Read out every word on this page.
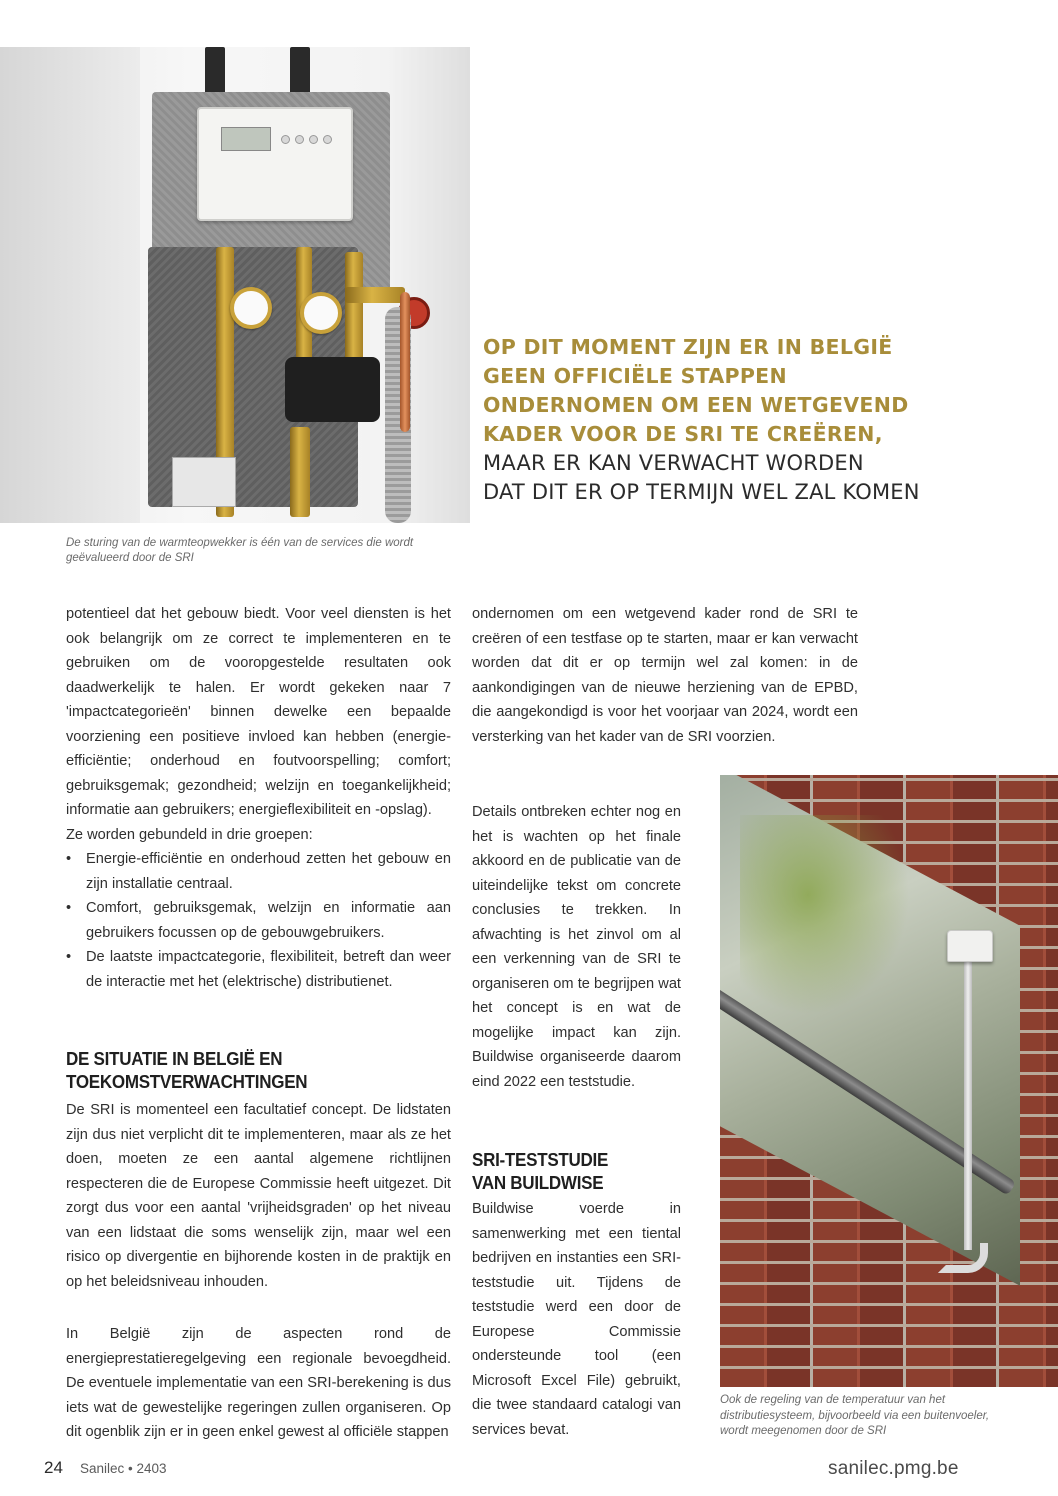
De sturing van de warmteopwekker is één van de services die wordt geëvalueerd door de SRI
OP DIT MOMENT ZIJN ER IN BELGIË
GEEN OFFICIËLE STAPPEN
ONDERNOMEN OM EEN WETGEVEND
KADER VOOR DE SRI TE CREËREN,
MAAR ER KAN VERWACHT WORDEN
DAT DIT ER OP TERMIJN WEL ZAL KOMEN

potentieel dat het gebouw biedt. Voor veel diensten is het ook belangrijk om ze correct te implementeren en te gebruiken om de vooropgestelde resultaten ook daadwerkelijk te halen. Er wordt gekeken naar 7 'impactcategorieën' binnen dewelke een bepaalde voorziening een positieve invloed kan hebben (energie-efficiëntie; onderhoud en foutvoorspelling; comfort; gebruiksgemak; gezondheid; welzijn en toegankelijkheid; informatie aan gebruikers; energieflexibiliteit en -opslag).

Ze worden gebundeld in drie groepen:

• Energie-efficiëntie en onderhoud zetten het gebouw en zijn installatie centraal.
• Comfort, gebruiksgemak, welzijn en informatie aan gebruikers focussen op de gebouwgebruikers.
• De laatste impactcategorie, flexibiliteit, betreft dan weer de interactie met het (elektrische) distributienet.
DE SITUATIE IN BELGIË EN
TOEKOMSTVERWACHTINGEN

De SRI is momenteel een facultatief concept. De lidstaten zijn dus niet verplicht dit te implementeren, maar als ze het doen, moeten ze een aantal algemene richtlijnen respecteren die de Europese Commissie heeft uitgezet. Dit zorgt dus voor een aantal 'vrijheidsgraden' op het niveau van een lidstaat die soms wenselijk zijn, maar wel een risico op divergentie en bijhorende kosten in de praktijk en op het beleidsniveau inhouden.

In België zijn de aspecten rond de energieprestatieregelgeving een regionale bevoegdheid. De eventuele implementatie van een SRI-berekening is dus iets wat de gewestelijke regeringen zullen organiseren. Op dit ogenblik zijn er in geen enkel gewest al officiële stappen

ondernomen om een wetgevend kader rond de SRI te creëren of een testfase op te starten, maar er kan verwacht worden dat dit er op termijn wel zal komen: in de aankondigingen van de nieuwe herziening van de EPBD, die aangekondigd is voor het voorjaar van 2024, wordt een versterking van het kader van de SRI voorzien.

Details ontbreken echter nog en het is wachten op het finale akkoord en de publicatie van de uiteindelijke tekst om concrete conclusies te trekken. In afwachting is het zinvol om al een verkenning van de SRI te organiseren om te begrijpen wat het concept is en wat de mogelijke impact kan zijn. Buildwise organiseerde daarom eind 2022 een teststudie.

SRI-TESTSTUDIE
VAN BUILDWISE

Buildwise voerde in samenwerking met een tiental bedrijven en instanties een SRI-teststudie uit. Tijdens de teststudie werd een door de Europese Commissie ondersteunde tool (een Microsoft Excel File) gebruikt, die twee standaard catalogi van services bevat.

Ook de regeling van de temperatuur van het distributiesysteem, bijvoorbeeld via een buitenvoeler, wordt meegenomen door de SRI
24 Sanilec • 2403	sanilec.pmg.be
